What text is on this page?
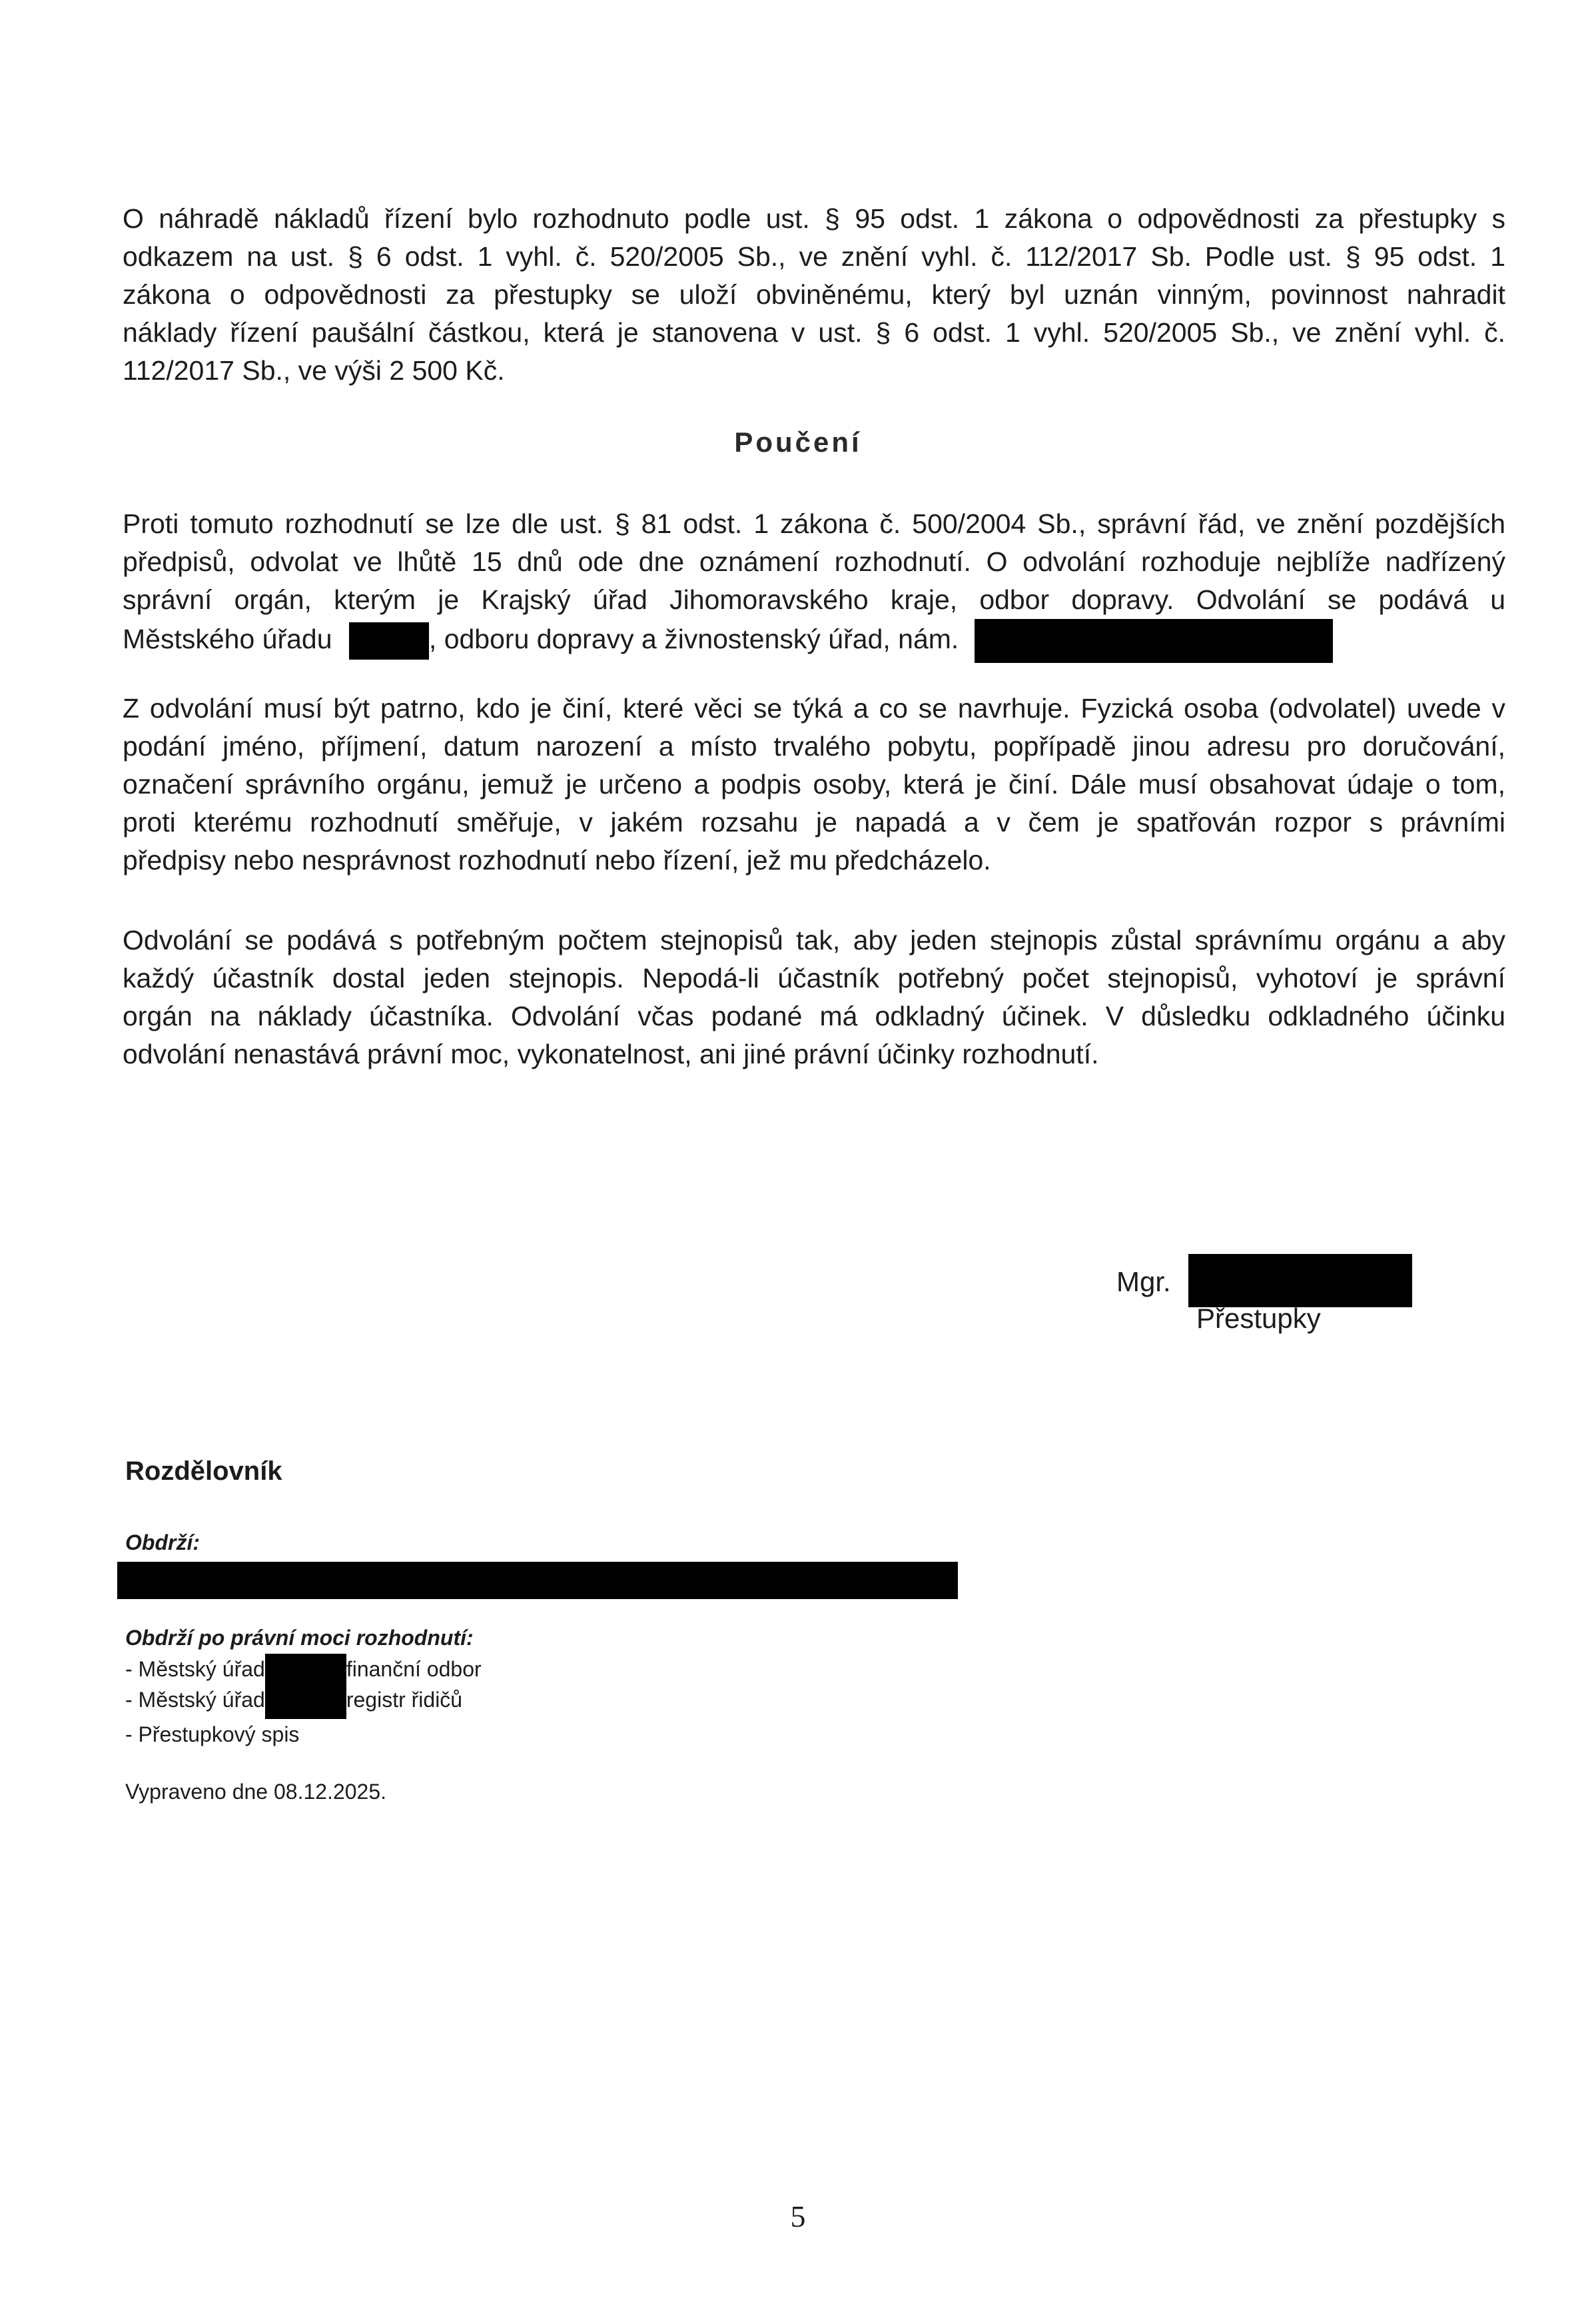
O náhradě nákladů řízení bylo rozhodnuto podle ust. § 95 odst. 1 zákona o odpovědnosti za přestupky s
odkazem na ust. § 6 odst. 1 vyhl. č. 520/2005 Sb., ve znění vyhl. č. 112/2017 Sb. Podle ust. § 95 odst. 1
zákona o odpovědnosti za přestupky se uloží obviněnému, který byl uznán vinným, povinnost nahradit
náklady řízení paušální částkou, která je stanovena v ust. § 6 odst. 1 vyhl. 520/2005 Sb., ve znění vyhl. č.
112/2017 Sb., ve výši 2 500 Kč.

Poučení

Proti tomuto rozhodnutí se lze dle ust. § 81 odst. 1 zákona č. 500/2004 Sb., správní řád, ve znění pozdějších
předpisů, odvolat ve lhůtě 15 dnů ode dne oznámení rozhodnutí. O odvolání rozhoduje nejblíže nadřízený
správní orgán, kterým je Krajský úřad Jihomoravského kraje, odbor dopravy. Odvolání se podává u
Městského úřadu	, odboru dopravy a živnostenský úřad, nám.
Z odvolání musí být patrno, kdo je činí, které věci se týká a co se navrhuje. Fyzická osoba (odvolatel) uvede v
podání jméno, příjmení, datum narození a místo trvalého pobytu, popřípadě jinou adresu pro doručování,
označení správního orgánu, jemuž je určeno a podpis osoby, která je činí. Dále musí obsahovat údaje o tom,
proti kterému rozhodnutí směřuje, v jakém rozsahu je napadá a v čem je spatřován rozpor s právními
předpisy nebo nesprávnost rozhodnutí nebo řízení, jež mu předcházelo.
Odvolání se podává s potřebným počtem stejnopisů tak, aby jeden stejnopis zůstal správnímu orgánu a aby
každý účastník dostal jeden stejnopis. Nepodá-li účastník potřebný počet stejnopisů, vyhotoví je správní
orgán na náklady účastníka. Odvolání včas podané má odkladný účinek. V důsledku odkladného účinku
odvolání nenastává právní moc, vykonatelnost, ani jiné právní účinky rozhodnutí.
Mgr.
Přestupky

Rozdělovník

Obdrží:

Obdrží po právní moci rozhodnutí:

- Městský úřad	finanční odbor
- Městský úřad	registr řidičů
- Přestupkový spis

Vypraveno dne 08.12.2025.

5
